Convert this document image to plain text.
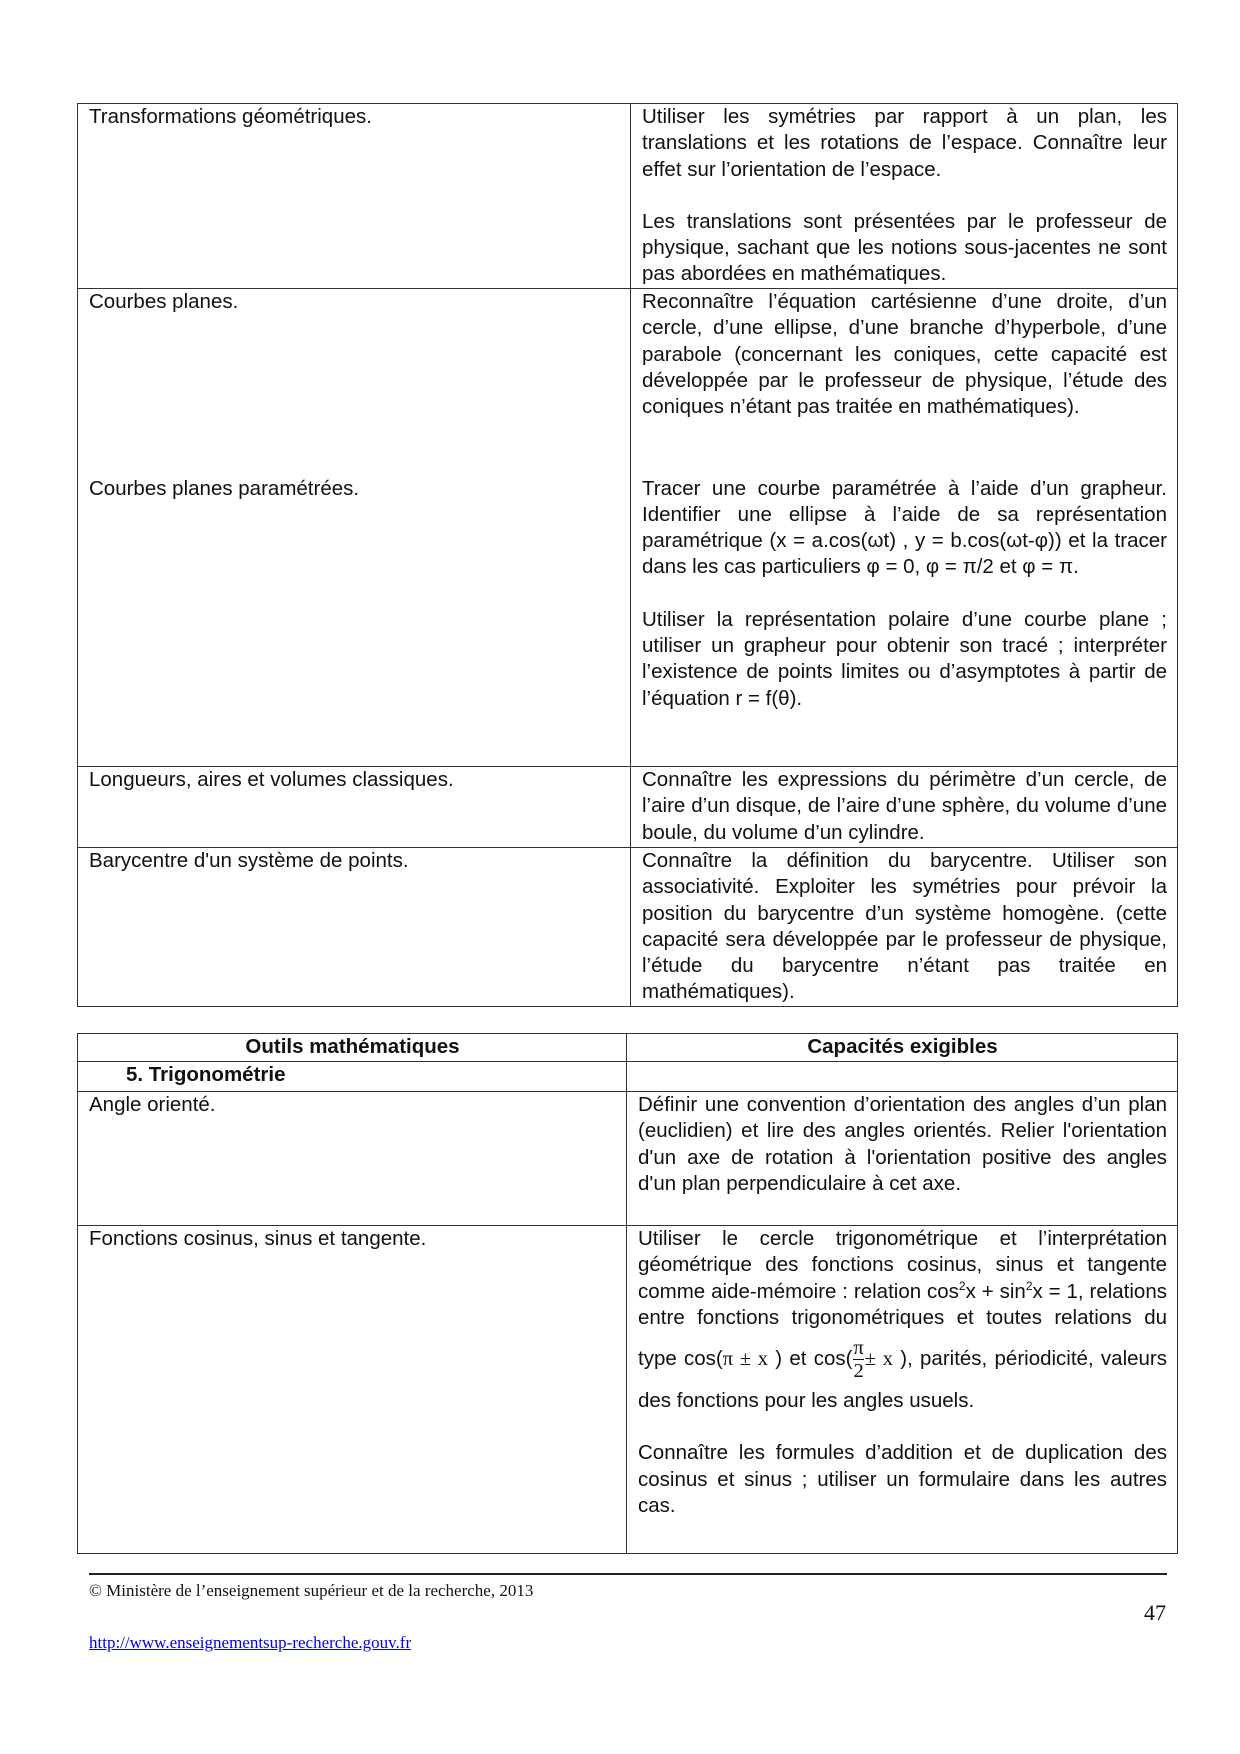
Transformations géométriques.	Utiliser les symétries par rapport à un plan, les translations et les rotations de l’espace. Connaître leur effet sur l’orientation de l’espace.

Les translations sont présentées par le professeur de physique, sachant que les notions sous-jacentes ne sont pas abordées en mathématiques.

Courbes planes.	Reconnaître l’équation cartésienne d’une droite, d’un cercle, d’une ellipse, d’une branche d’hyperbole, d’une parabole (concernant les coniques, cette capacité est développée par le professeur de physique, l’étude des coniques n’étant pas traitée en mathématiques).

Courbes planes paramétrées.	Tracer une courbe paramétrée à l’aide d’un grapheur. Identifier une ellipse à l’aide de sa représentation paramétrique (x = a.cos(ωt) , y = b.cos(ωt-φ)) et la tracer dans les cas particuliers φ = 0, φ = π/2 et φ = π.

Utiliser la représentation polaire d’une courbe plane ; utiliser un grapheur pour obtenir son tracé ; interpréter l’existence de points limites ou d’asymptotes à partir de l’équation r = f(θ).

Longueurs, aires et volumes classiques.	Connaître les expressions du périmètre d’un cercle, de l’aire d’un disque, de l’aire d’une sphère, du volume d’une boule, du volume d’un cylindre.

Barycentre d'un système de points.	Connaître la définition du barycentre. Utiliser son associativité. Exploiter les symétries pour prévoir la position du barycentre d’un système homogène. (cette capacité sera développée par le professeur de physique, l’étude du barycentre n’étant pas traitée en mathématiques).

Outils mathématiques	Capacités exigibles
5. Trigonométrie	
Angle orienté.	Définir une convention d’orientation des angles d’un plan (euclidien) et lire des angles orientés. Relier l'orientation d'un axe de rotation à l'orientation positive des angles d'un plan perpendiculaire à cet axe.

Fonctions cosinus, sinus et tangente.	Utiliser le cercle trigonométrique et l’interprétation géométrique des fonctions cosinus, sinus et tangente comme aide-mémoire : relation $\cos^2x + \sin^2x = 1$, relations entre fonctions trigonométriques et toutes relations du type cos(π ± x ) et $\cos( \frac{\pi}{2} \pm x$ ), parités, périodicité, valeurs des fonctions pour les angles usuels.

Connaître les formules d’addition et de duplication des cosinus et sinus ; utiliser un formulaire dans les autres cas.

© Ministère de l’enseignement supérieur et de la recherche, 2013
47
http://www.enseignementsup-recherche.gouv.fr
